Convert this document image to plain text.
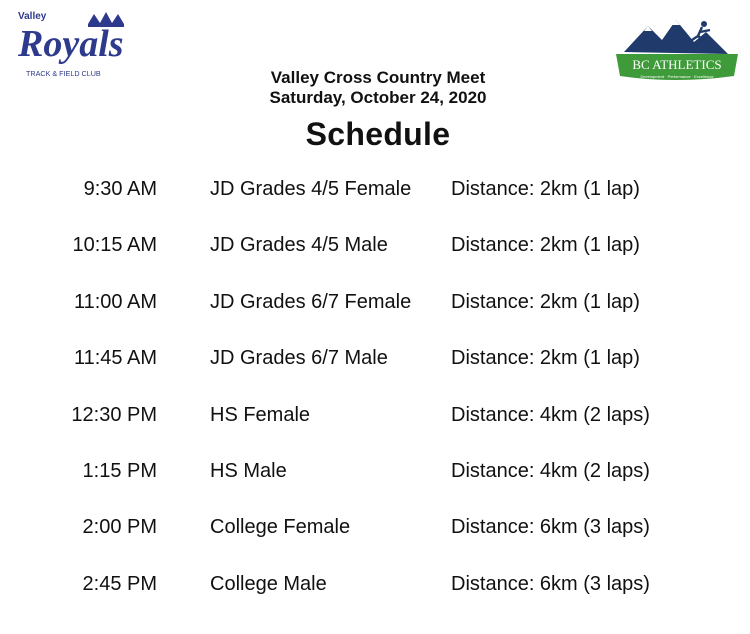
Valley
Royals
TRACK & FIELD CLUB
BC ATHLETICS
Development · Performance · Excellence
Valley Cross Country Meet
Saturday, October 24, 2020
Schedule
9:30 AM	JD Grades 4/5 Female Distance: 2km (1 lap)
10:15 AM	JD Grades 4/5 Male	Distance: 2km (1 lap)
11:00 AM	JD Grades 6/7 Female Distance: 2km (1 lap)
11:45 AM	JD Grades 6/7 Male	Distance: 2km (1 lap)
12:30 PM	HS Female	Distance: 4km (2 laps)
1:15 PM	HS Male	Distance: 4km (2 laps)
2:00 PM	College Female	Distance: 6km (3 laps)
2:45 PM	College Male	Distance: 6km (3 laps)
